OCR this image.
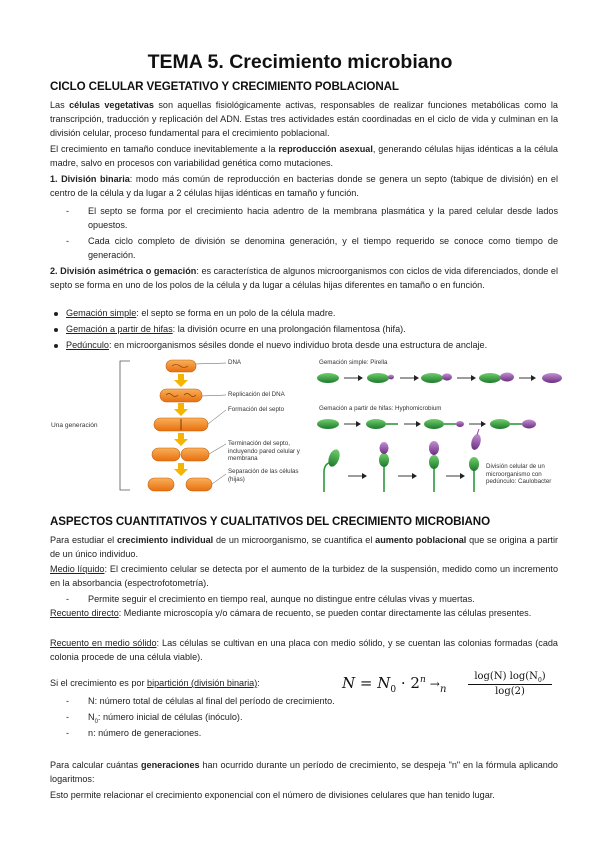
TEMA 5. Crecimiento microbiano
CICLO CELULAR VEGETATIVO Y CRECIMIENTO POBLACIONAL
Las células vegetativas son aquellas fisiológicamente activas, responsables de realizar funciones metabólicas como la transcripción, traducción y replicación del ADN. Estas tres actividades están coordinadas en el ciclo de vida y culminan en la división celular, proceso fundamental para el crecimiento poblacional.
El crecimiento en tamaño conduce inevitablemente a la reproducción asexual, generando células hijas idénticas a la célula madre, salvo en procesos con variabilidad genética como mutaciones.
1. División binaria: modo más común de reproducción en bacterias donde se genera un septo (tabique de división) en el centro de la célula y da lugar a 2 células hijas idénticas en tamaño y función.
- El septo se forma por el crecimiento hacia adentro de la membrana plasmática y la pared celular desde lados opuestos.
- Cada ciclo completo de división se denomina generación, y el tiempo requerido se conoce como tiempo de generación.
2. División asimétrica o gemación: es característica de algunos microorganismos con ciclos de vida diferenciados, donde el septo se forma en uno de los polos de la célula y da lugar a células hijas diferentes en tamaño o en función.
Gemación simple: el septo se forma en un polo de la célula madre.
Gemación a partir de hifas: la división ocurre en una prolongación filamentosa (hifa).
Pedúnculo: en microorganismos sésiles donde el nuevo individuo brota desde una estructura de anclaje.
DNA
Replicación del DNA
Formación del septo
Terminación del septo, incluyendo pared celular y membrana
Separación de las células (hijas)
Una generación
Gemación simple: Pirella
Gemación a partir de hifas: Hyphomicrobium
División celular de un microorganismo con pedúnculo: Caulobacter
ASPECTOS CUANTITATIVOS Y CUALITATIVOS DEL CRECIMIENTO MICROBIANO
Para estudiar el crecimiento individual de un microorganismo, se cuantifica el aumento poblacional que se origina a partir de un único individuo.
Medio líquido: El crecimiento celular se detecta por el aumento de la turbidez de la suspensión, medido como un incremento en la absorbancia (espectrofotometría).
- Permite seguir el crecimiento en tiempo real, aunque no distingue entre células vivas y muertas.
Recuento directo: Mediante microscopía y/o cámara de recuento, se pueden contar directamente las células presentes.
Recuento en medio sólido: Las células se cultivan en una placa con medio sólido, y se cuentan las colonias formadas (cada colonia procede de una célula viable).
Si el crecimiento es por bipartición (división binaria):	$N = N_0 \cdot 2^n \to n$
log(N) $\log(N_0)$
log(2)
- N: número total de células al final del período de crecimiento.
- $N_0$: número inicial de células (inóculo).
- n: número de generaciones.
Para calcular cuántas generaciones han ocurrido durante un período de crecimiento, se despeja "n" en la fórmula aplicando logaritmos:
Esto permite relacionar el crecimiento exponencial con el número de divisiones celulares que han tenido lugar.
